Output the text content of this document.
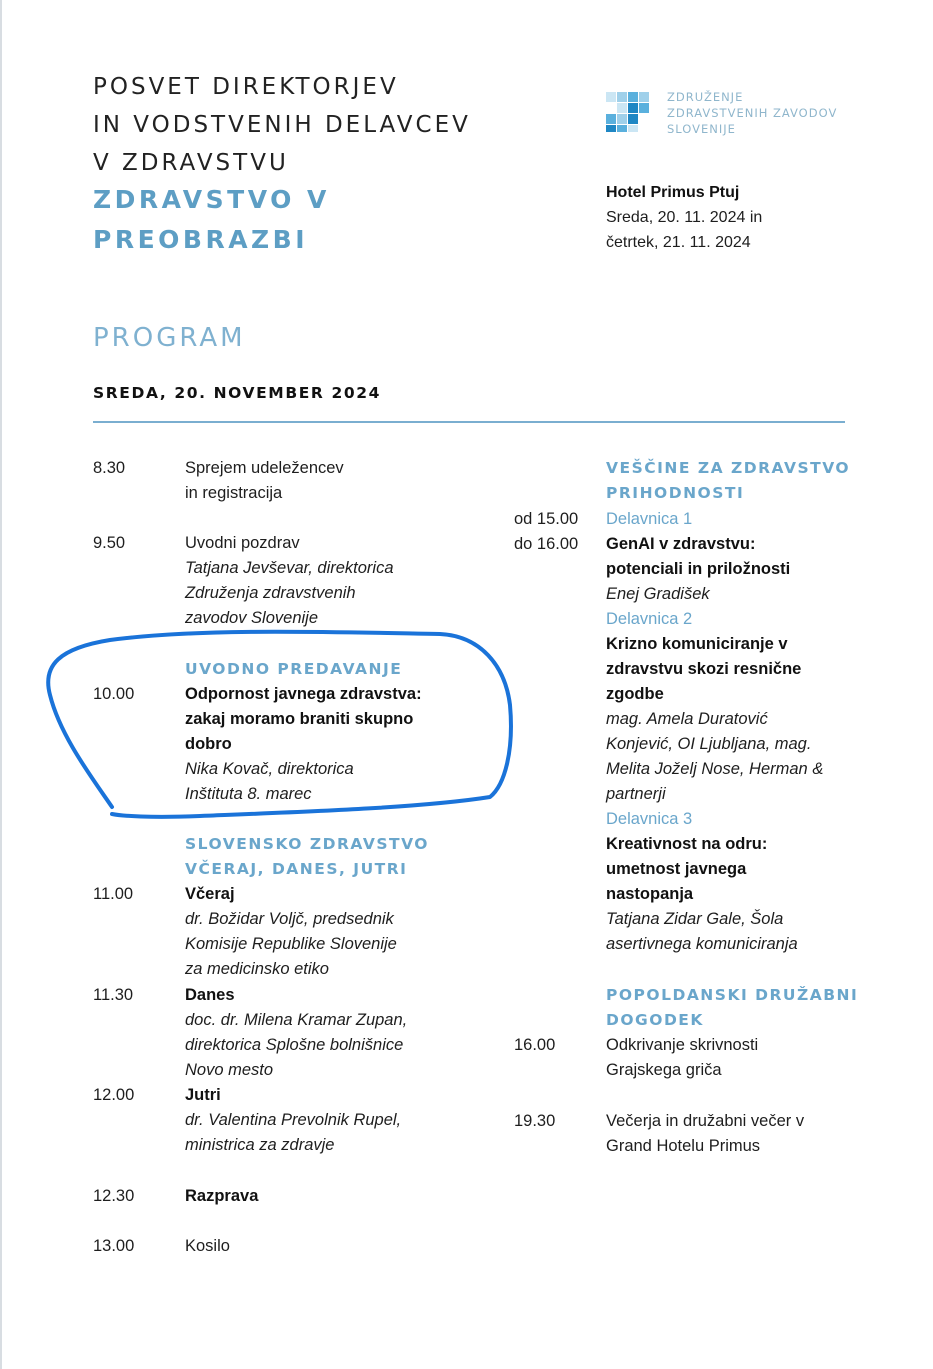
POSVET DIREKTORJEV
IN VODSTVENIH DELAVCEV
V ZDRAVSTVU
ZDRAVSTVO V
PREOBRAZBI
ZDRUŽENJE
ZDRAVSTVENIH ZAVODOV
SLOVENIJE
Hotel Primus Ptuj
Sreda, 20. 11. 2024 in
četrtek, 21. 11. 2024
PROGRAM
SREDA, 20. NOVEMBER 2024
8.30	Sprejem udeležencev
in registracija
9.50	Uvodni pozdrav
Tatjana Jevševar, direktorica
Združenja zdravstvenih
zavodov Slovenije
UVODNO PREDAVANJE
10.00	Odpornost javnega zdravstva:
zakaj moramo braniti skupno
dobro
Nika Kovač, direktorica
Inštituta 8. marec
SLOVENSKO ZDRAVSTVO
VČERAJ, DANES, JUTRI
11.00	Včeraj
dr. Božidar Voljč, predsednik
Komisije Republike Slovenije
za medicinsko etiko
11.30	Danes
doc. dr. Milena Kramar Zupan,
direktorica Splošne bolnišnice
Novo mesto
12.00	Jutri
dr. Valentina Prevolnik Rupel,
ministrica za zdravje
12.30	Razprava
13.00	Kosilo
VEŠČINE ZA ZDRAVSTVO
PRIHODNOSTI
od 15.00
do 16.00
Delavnica 1
GenAI v zdravstvu:
potenciali in priložnosti
Enej Gradišek
Delavnica 2
Krizno komuniciranje v
zdravstvu skozi resnične
zgodbe
mag. Amela Duratović
Konjević, OI Ljubljana, mag.
Melita Joželj Nose, Herman &
partnerji
Delavnica 3
Kreativnost na odru:
umetnost javnega
nastopanja
Tatjana Zidar Gale, Šola
asertivnega komuniciranja
POPOLDANSKI DRUŽABNI
DOGODEK
16.00	Odkrivanje skrivnosti
Grajskega griča
19.30	Večerja in družabni večer v
Grand Hotelu Primus
